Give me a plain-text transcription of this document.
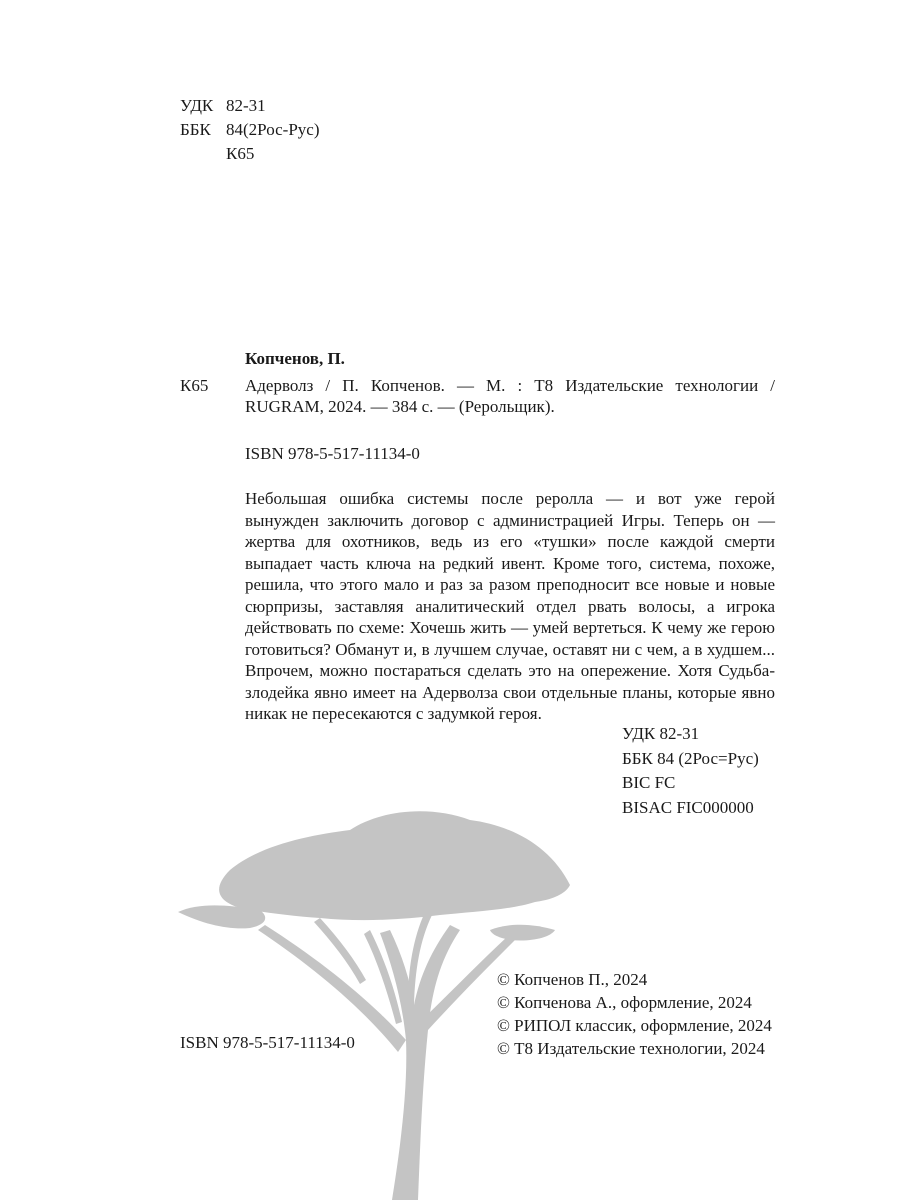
УДК 82-31
ББК 84(2Рос-Рус)
К65
Копченов, П.
К65 Адерволз / П. Копченов. — М. : Т8 Издательские технологии / RUGRAM, 2024. — 384 с. — (Рерольщик).
ISBN 978-5-517-11134-0
Небольшая ошибка системы после реролла — и вот уже герой вынужден заключить договор с администрацией Игры. Теперь он — жертва для охотников, ведь из его «тушки» после каждой смерти выпадает часть ключа на редкий ивент. Кроме того, система, похоже, решила, что этого мало и раз за разом преподносит все новые и новые сюрпризы, заставляя аналитический отдел рвать волосы, а игрока действовать по схеме: Хочешь жить — умей вертеться. К чему же герою готовиться? Обманут и, в лучшем случае, оставят ни с чем, а в худшем... Впрочем, можно постараться сделать это на опережение. Хотя Судьба-злодейка явно имеет на Адерволза свои отдельные планы, которые явно никак не пересекаются с задумкой героя.
УДК 82-31
ББК 84 (2Рос=Рус)
BIC FC
BISAC FIC000000
© Копченов П., 2024
© Копченова А., оформление, 2024
© РИПОЛ классик, оформление, 2024
© Т8 Издательские технологии, 2024
ISBN 978-5-517-11134-0
